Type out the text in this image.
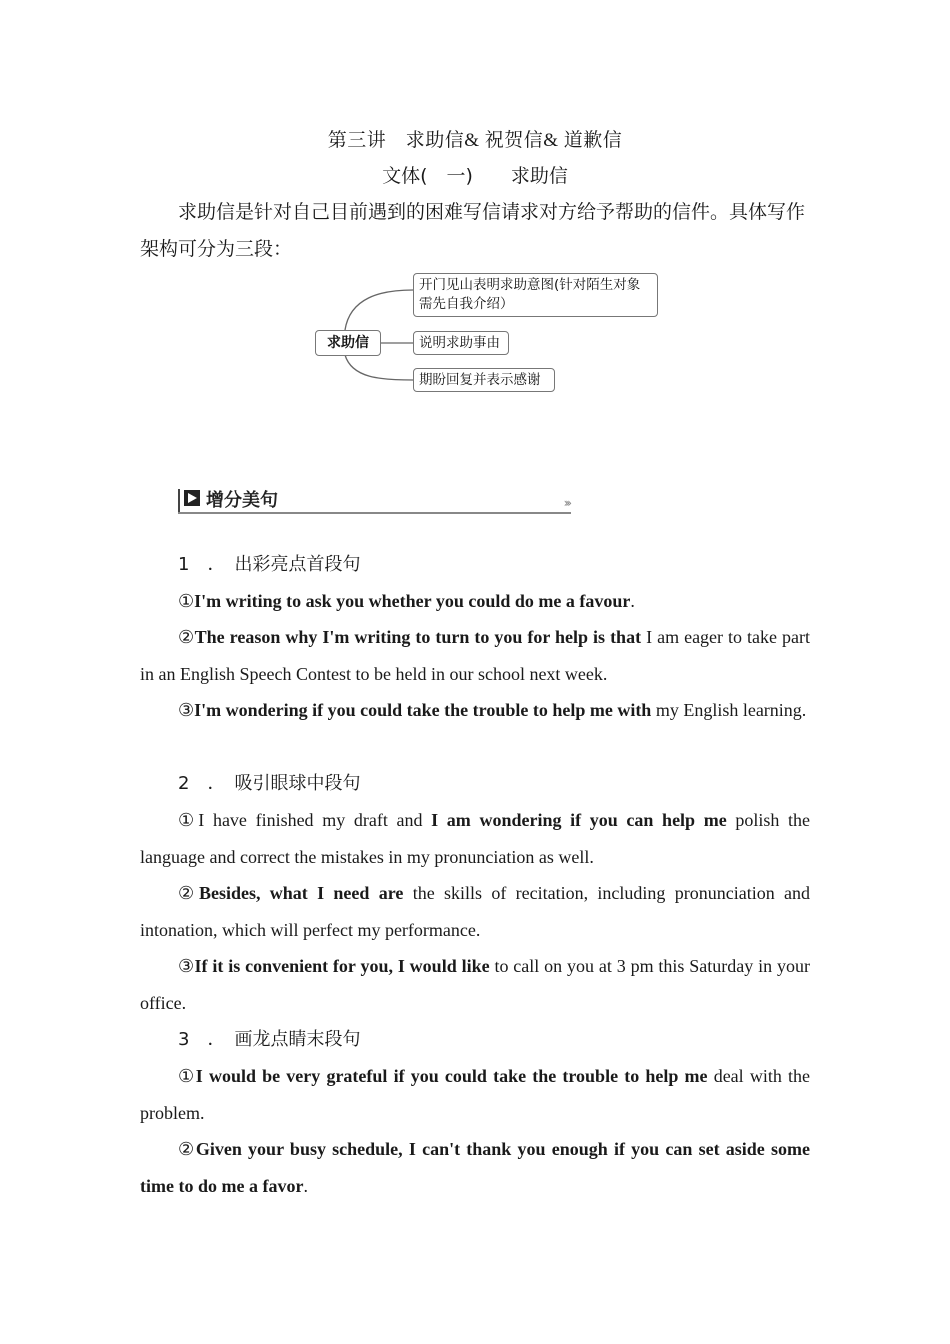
第三讲　求助信& 祝贺信& 道歉信
文体(　一)　　求助信
求助信是针对自己目前遇到的困难写信请求对方给予帮助的信件。具体写作架构可分为三段：
求助信
开门见山表明求助意图(针对陌生对象需先自我介绍）
说明求助事由
期盼回复并表示感谢
增分美句	›››
1　．　出彩亮点首段句
①I'm writing to ask you whether you could do me a favour.
②The reason why I'm writing to turn to you for help is that I am eager to take part in an English Speech Contest to be held in our school next week.
③I'm wondering if you could take the trouble to help me with my English learning.
2　．　吸引眼球中段句
①I have finished my draft and I am wondering if you can help me polish the language and correct the mistakes in my pronunciation as well.
②Besides, what I need are the skills of recitation, including pronunciation and intonation, which will perfect my performance.
③If it is convenient for you, I would like to call on you at 3 pm this Saturday in your office.
3　．　画龙点睛末段句
①I would be very grateful if you could take the trouble to help me deal with the problem.
②Given your busy schedule, I can't thank you enough if you can set aside some time to do me a favor.
